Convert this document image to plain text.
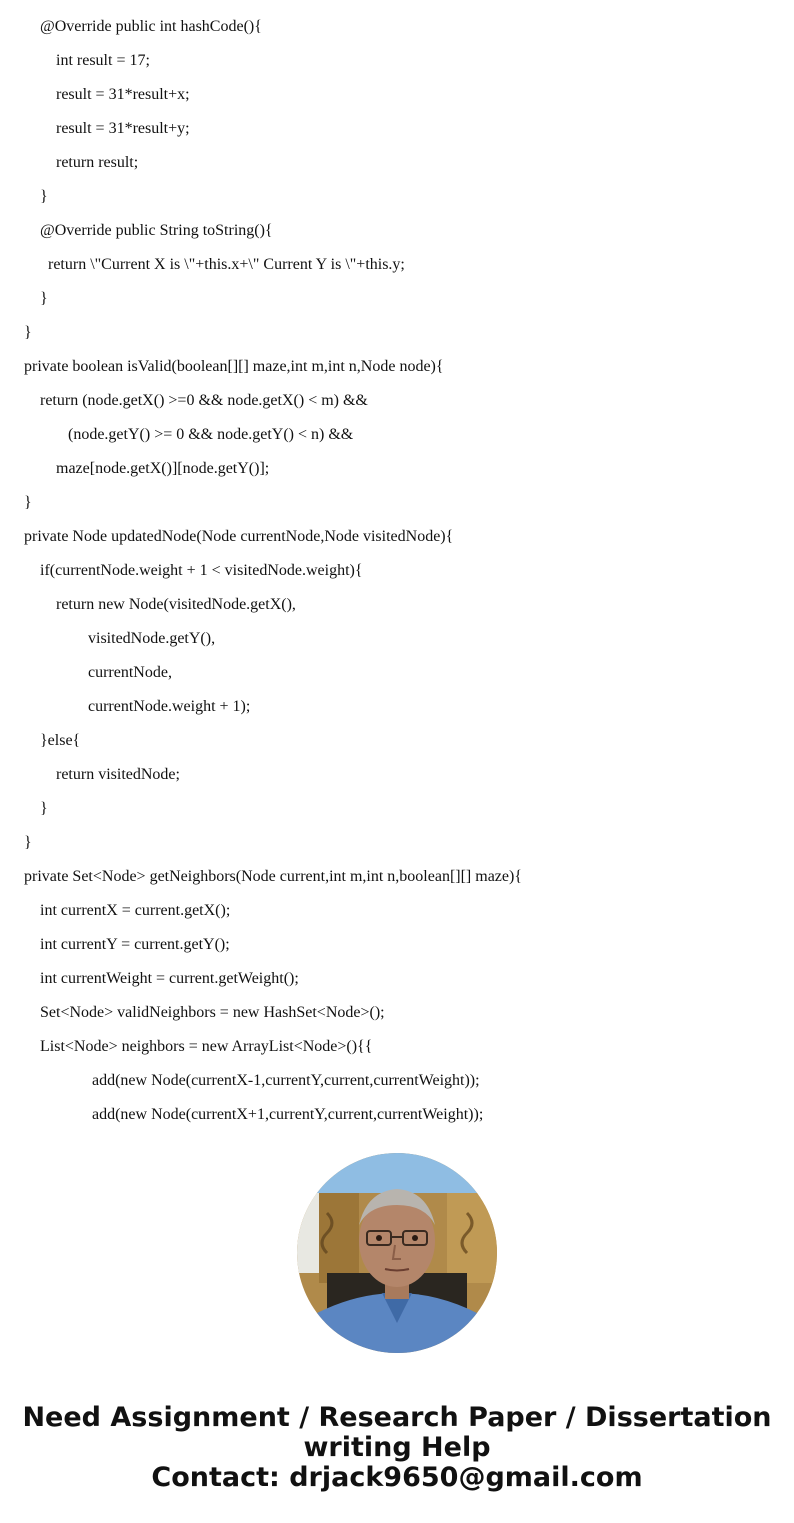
@Override public int hashCode(){
int result = 17;
result = 31*result+x;
result = 31*result+y;
return result;
}
@Override public String toString(){
return \"Current X is \"+this.x+\" Current Y is \"+this.y;
}
}
private boolean isValid(boolean[][] maze,int m,int n,Node node){
return (node.getX() >=0 && node.getX() < m) &&
(node.getY() >= 0 && node.getY() < n) &&
maze[node.getX()][node.getY()];
}
private Node updatedNode(Node currentNode,Node visitedNode){
if(currentNode.weight + 1 < visitedNode.weight){
return new Node(visitedNode.getX(),
visitedNode.getY(),
currentNode,
currentNode.weight + 1);
}else{
return visitedNode;
}
}
private Set<Node> getNeighbors(Node current,int m,int n,boolean[][] maze){
int currentX = current.getX();
int currentY = current.getY();
int currentWeight = current.getWeight();
Set<Node> validNeighbors = new HashSet<Node>();
List<Node> neighbors = new ArrayList<Node>(){{
add(new Node(currentX-1,currentY,current,currentWeight));
add(new Node(currentX+1,currentY,current,currentWeight));
Need Assignment / Research Paper / Dissertation
writing Help
Contact: drjack9650@gmail.com
